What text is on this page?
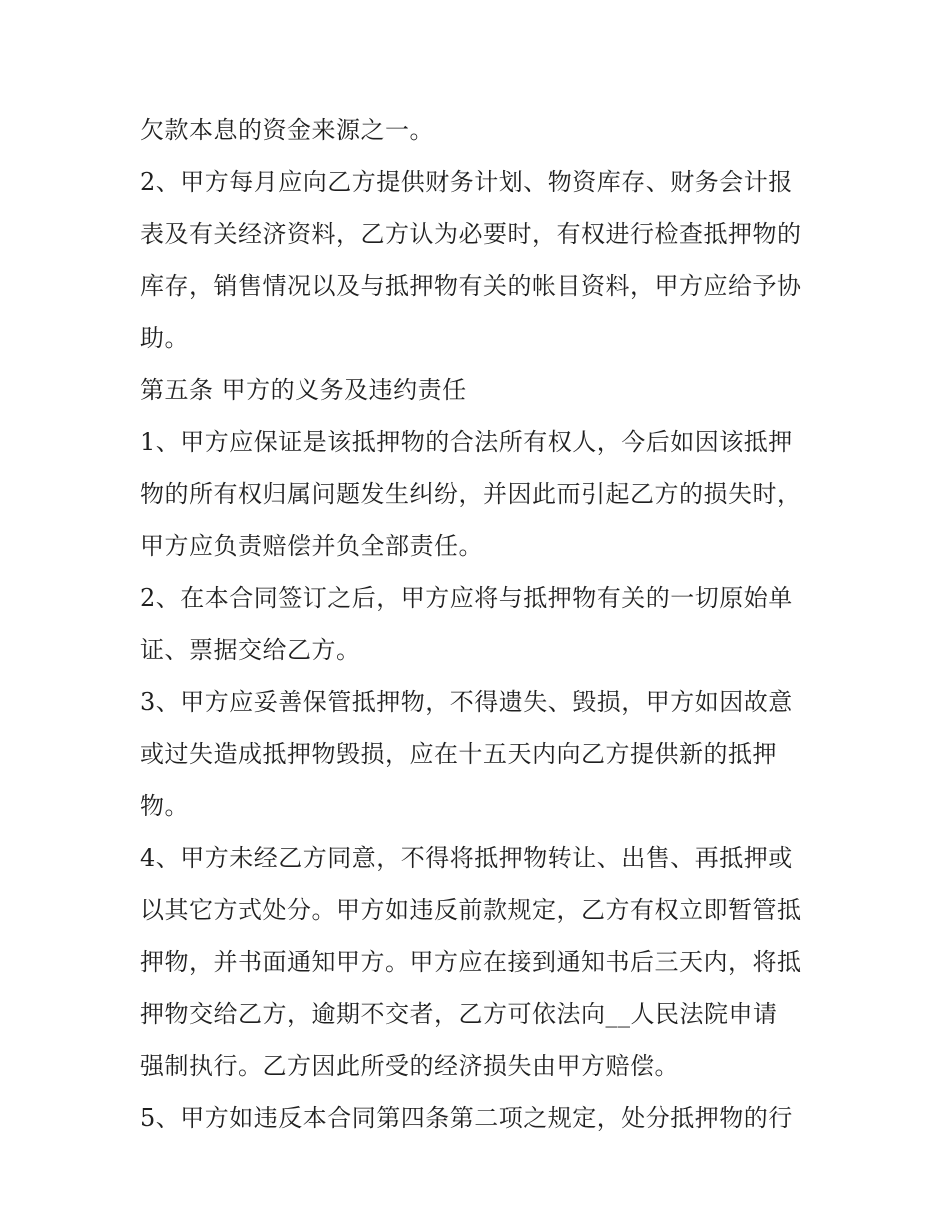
欠款本息的资金来源之一。
2、甲方每月应向乙方提供财务计划、物资库存、财务会计报
表及有关经济资料，乙方认为必要时，有权进行检查抵押物的
库存，销售情况以及与抵押物有关的帐目资料，甲方应给予协
助。
第五条 甲方的义务及违约责任
1、甲方应保证是该抵押物的合法所有权人，今后如因该抵押
物的所有权归属问题发生纠纷，并因此而引起乙方的损失时，
甲方应负责赔偿并负全部责任。
2、在本合同签订之后，甲方应将与抵押物有关的一切原始单
证、票据交给乙方。
3、甲方应妥善保管抵押物，不得遗失、毁损，甲方如因故意
或过失造成抵押物毁损，应在十五天内向乙方提供新的抵押
物。
4、甲方未经乙方同意，不得将抵押物转让、出售、再抵押或
以其它方式处分。甲方如违反前款规定，乙方有权立即暂管抵
押物，并书面通知甲方。甲方应在接到通知书后三天内，将抵
押物交给乙方，逾期不交者，乙方可依法向__人民法院申请
强制执行。乙方因此所受的经济损失由甲方赔偿。
5、甲方如违反本合同第四条第二项之规定，处分抵押物的行
